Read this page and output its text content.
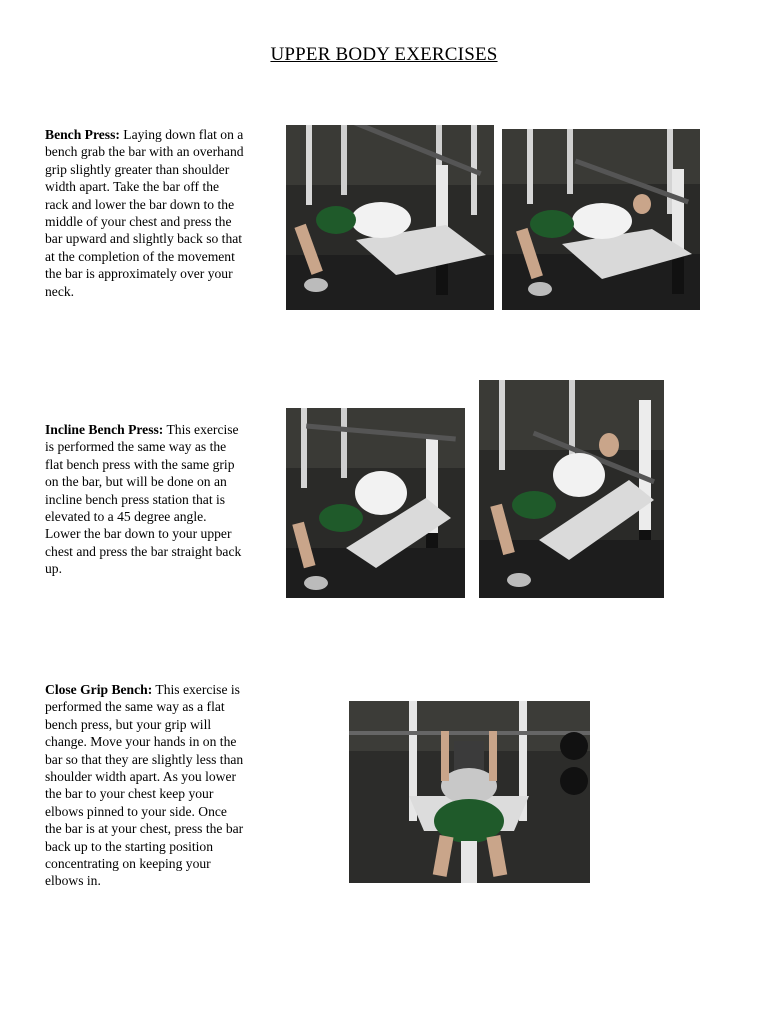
UPPER BODY EXERCISES
Bench Press: Laying down flat on a bench grab the bar with an overhand grip slightly greater than shoulder width apart. Take the bar off the rack and lower the bar down to the middle of your chest and press the bar upward and slightly back so that at the completion of the movement the bar is approximately over your neck.
Incline Bench Press: This exercise is performed the same way as the flat bench press with the same grip on the bar, but will be done on an incline bench press station that is elevated to a 45 degree angle. Lower the bar down to your upper chest and press the bar straight back up.
Close Grip Bench: This exercise is performed the same way as a flat bench press, but your grip will change. Move your hands in on the bar so that they are slightly less than shoulder width apart. As you lower the bar to your chest keep your elbows pinned to your side. Once the bar is at your chest, press the bar back up to the starting position concentrating on keeping your elbows in.
